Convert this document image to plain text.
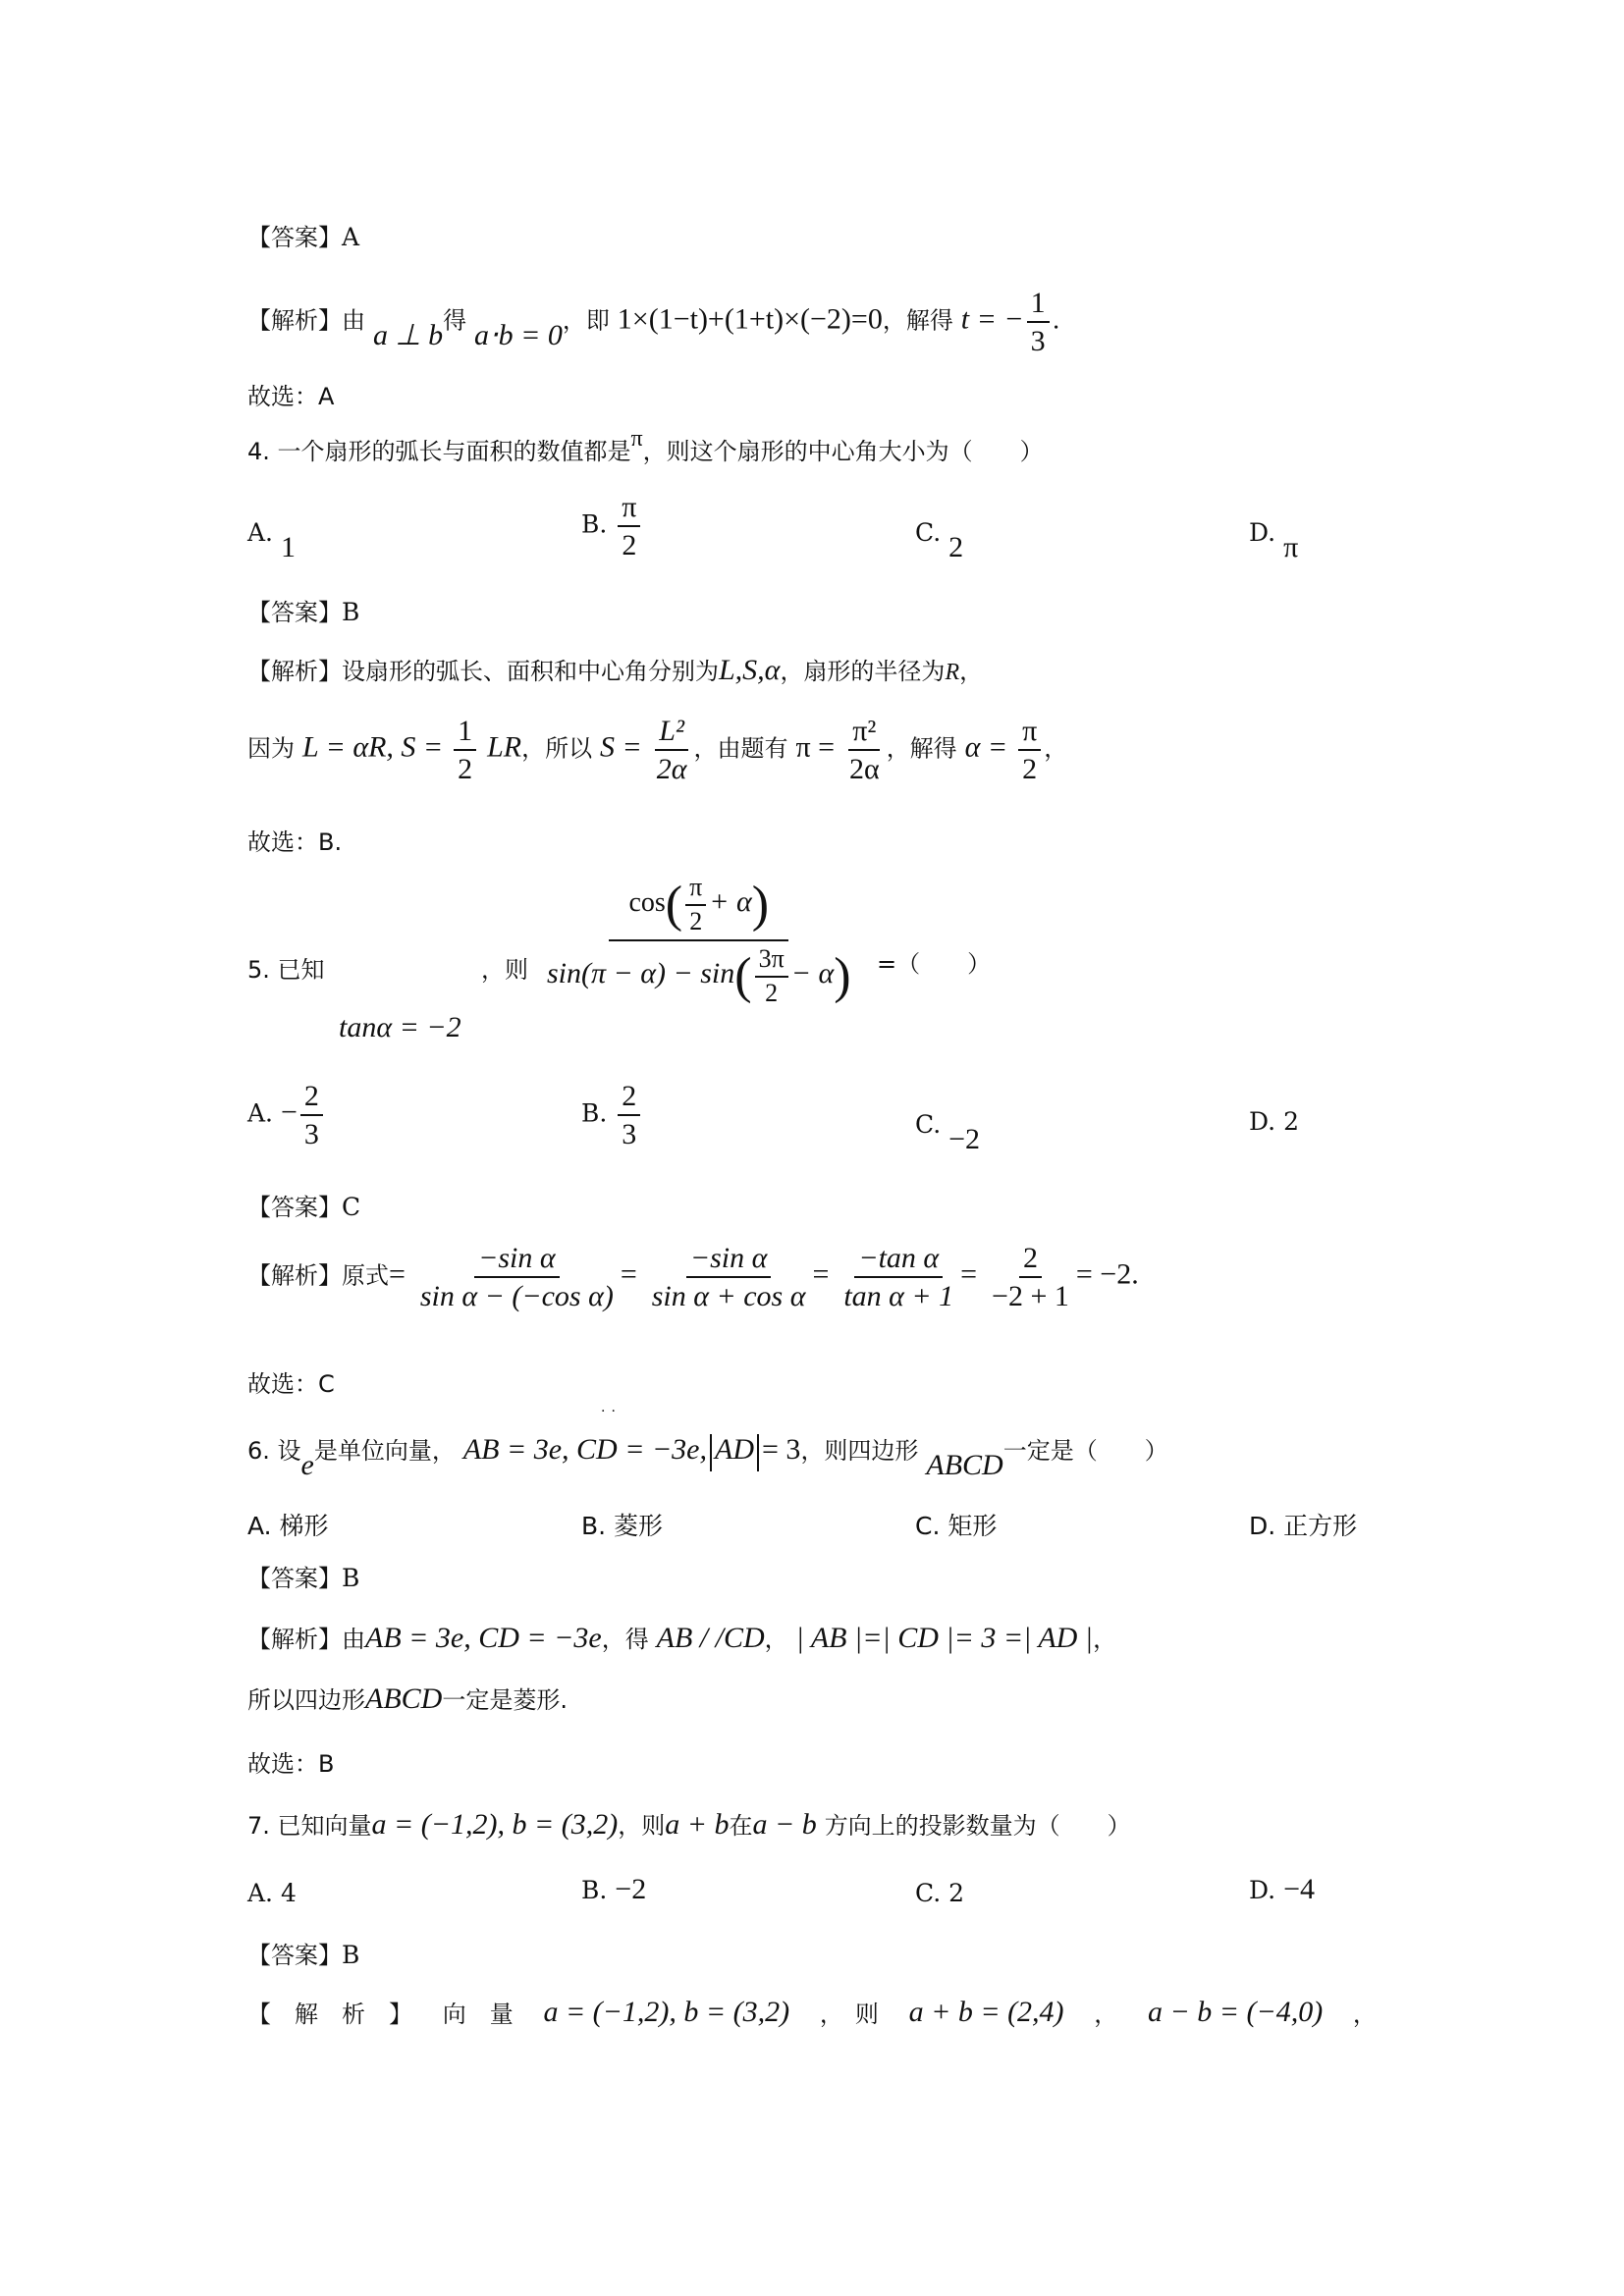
【答案】A
【解析】由 a ⊥ b得 a⋅b = 0，即 1×(1−t)+(1+t)×(−2)=0，解得 t = − $\frac{1}{3}$ .
故选：A
4. 一个扇形的弧长与面积的数值都是π，则这个扇形的中心角大小为（　　）
A. 1
B. $\frac{\pi}{2}$	C. 2	D. π
【答案】B
【解析】设扇形的弧长、面积和中心角分别为L,S,α，扇形的半径为R，
因为 L = αR, $S = \frac{1}{2}$ LR，所以 $S = \frac{\text{L²}}{2\alpha}$ ，由题有 $\pi = \frac{\text{π²}}{2\alpha}$ ，解得 $\alpha = \frac{\pi}{2}$ ，
故选：B.
5. 已知
tanα = −2
，则 $\frac{\cos( \frac{\pi}{2} + \alpha)}{\sin(\pi - \alpha) - \sin( \frac{3\pi}{2} - \alpha)}$ =（　　）
A. − $\frac{2}{3}$	B. $\frac{2}{3}$	C. −2
D. 2
【答案】C
【解析】原式= $\frac{\text{−sin α}}{\text{sin α − (−cos α)}} = \frac{\text{−sin α}}{\text{sin α + cos α}} = \frac{\text{−tan α}}{\text{tan α + 1}} = \frac{2}{-2 + 1} = -2$.
故选：C
··
6. 设e是单位向量， AB = 3e, CD = −3e, AD = 3，则四边形 ABCD一定是（　　）
A. 梯形	B. 菱形	C. 矩形	D. 正方形
【答案】B
【解析】由AB = 3e, CD = −3e，得 AB / /CD， | AB |=| CD |= 3 =| AD |，
所以四边形ABCD一定是菱形.
故选：B
7. 已知向量a = (−1,2), b = (3,2)，则a + b在a − b 方向上的投影数量为（　　）
A. 4	B. −2	C. 2	D. −4
【答案】B
【　解　析　】 向　量 a = (−1,2), b = (3,2) ，　则 a + b = (2,4) ， a − b = (−4,0) ，
